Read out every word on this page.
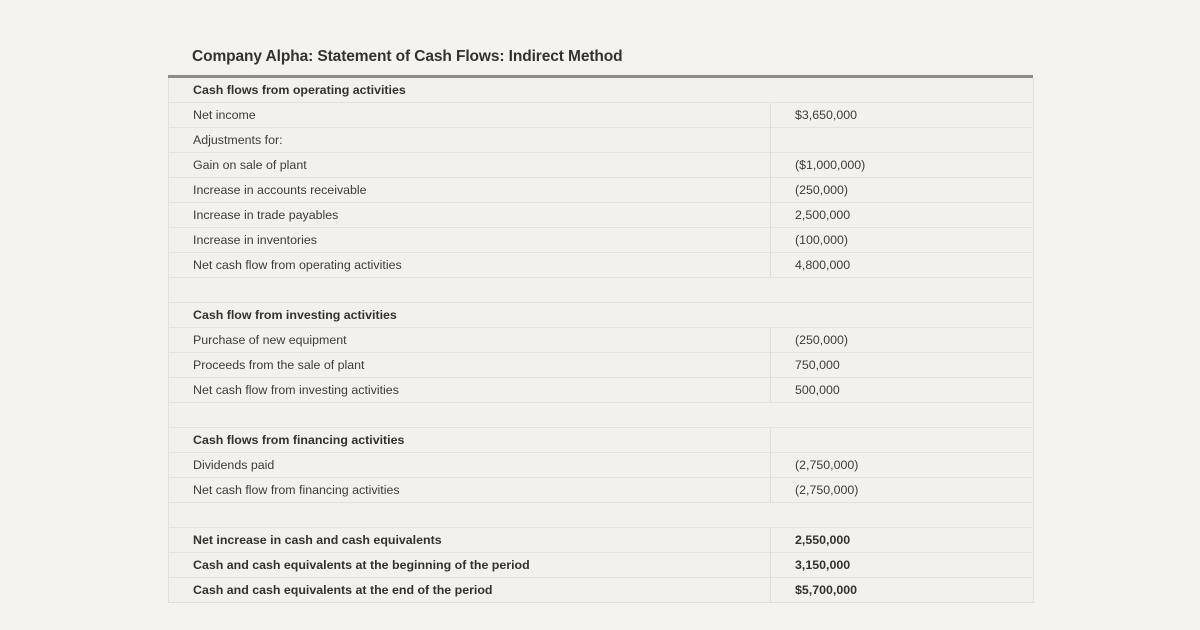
Company Alpha: Statement of Cash Flows: Indirect Method
Cash flows from operating activities	
Net income	$3,650,000
Adjustments for:	
Gain on sale of plant	($1,000,000)
Increase in accounts receivable	(250,000)
Increase in trade payables	2,500,000
Increase in inventories	(100,000)
Net cash flow from operating activities	4,800,000

Cash flow from investing activities	
Purchase of new equipment	(250,000)
Proceeds from the sale of plant	750,000
Net cash flow from investing activities	500,000

Cash flows from financing activities	
Dividends paid	(2,750,000)
Net cash flow from financing activities	(2,750,000)

Net increase in cash and cash equivalents	2,550,000
Cash and cash equivalents at the beginning of the period	3,150,000
Cash and cash equivalents at the end of the period	$5,700,000
